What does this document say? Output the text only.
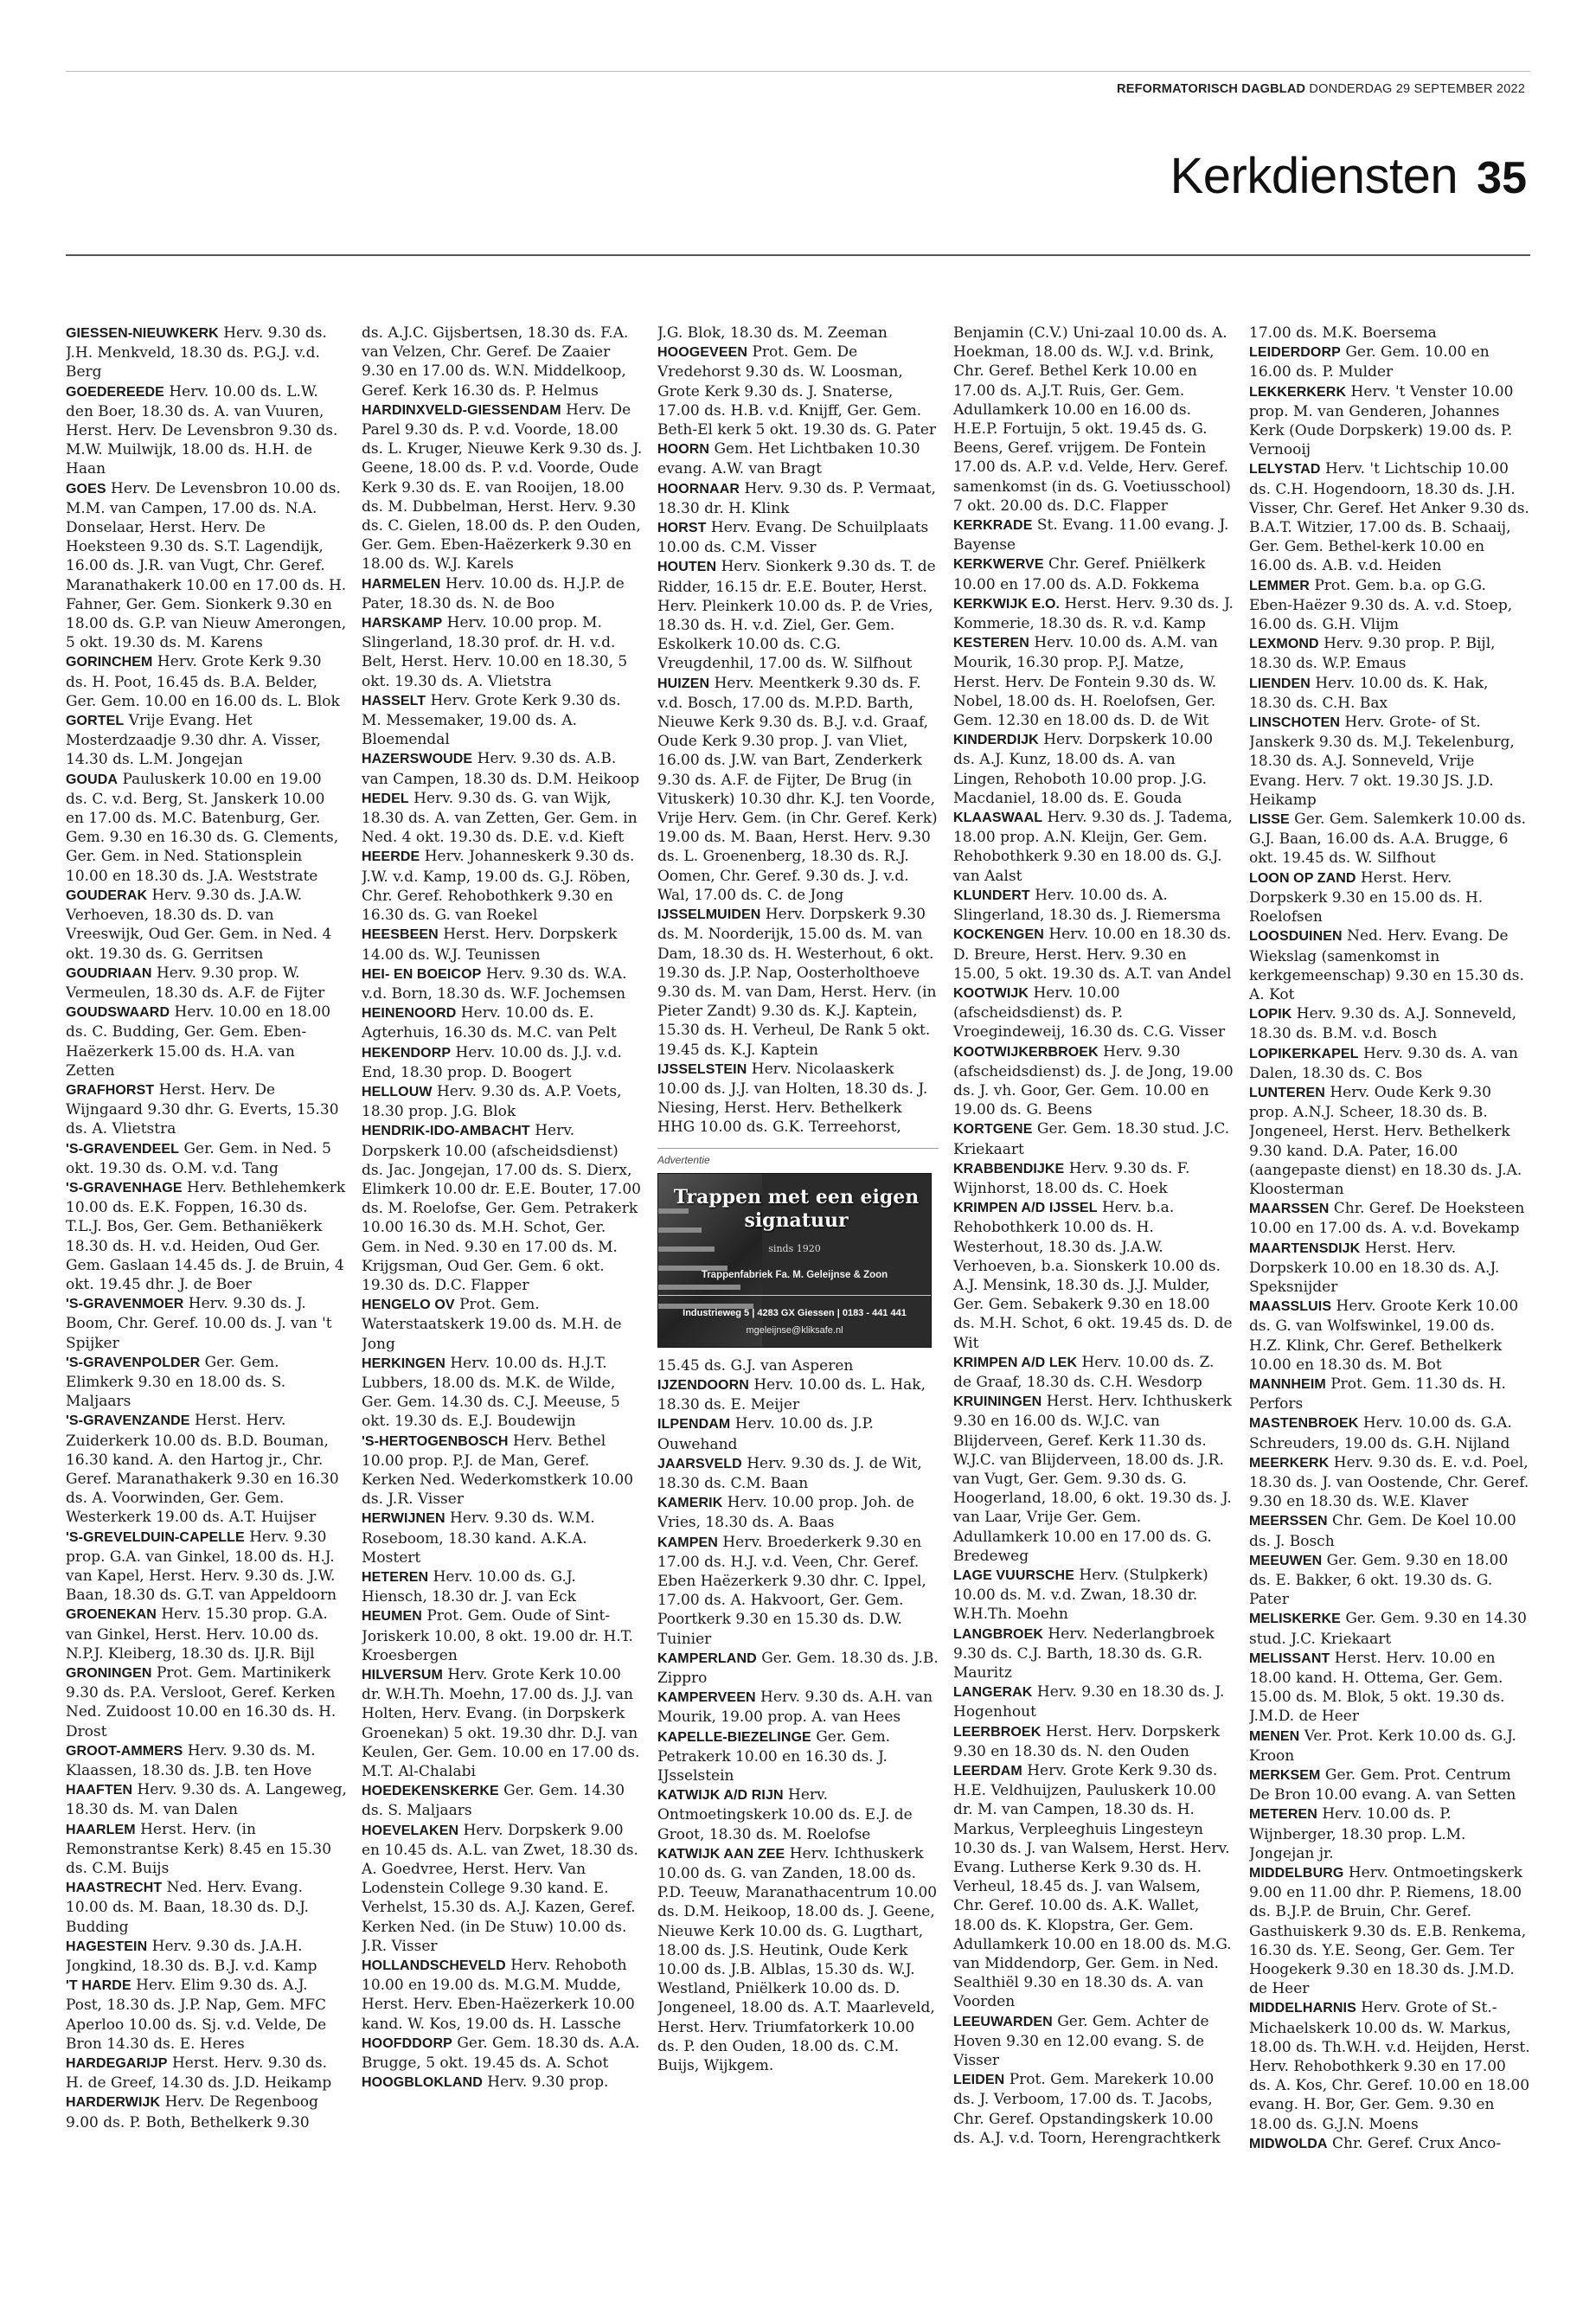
REFORMATORISCH DAGBLAD DONDERDAG 29 SEPTEMBER 2022
Kerkdiensten 35

GIESSEN-NIEUWKERK Herv. 9.30 ds. J.H. Menkveld, 18.30 ds. P.G.J. v.d. Berg

GOEDEREEDE Herv. 10.00 ds. L.W. den Boer, 18.30 ds. A. van Vuuren, Herst. Herv. De Levensbron 9.30 ds. M.W. Muilwijk, 18.00 ds. H.H. de Haan

GOES Herv. De Levensbron 10.00 ds. M.M. van Campen, 17.00 ds. N.A. Donselaar, Herst. Herv. De Hoeksteen 9.30 ds. S.T. Lagendijk, 16.00 ds. J.R. van Vugt, Chr. Geref. Maranathakerk 10.00 en 17.00 ds. H. Fahner, Ger. Gem. Sionkerk 9.30 en 18.00 ds. G.P. van Nieuw Amerongen, 5 okt. 19.30 ds. M. Karens

GORINCHEM Herv. Grote Kerk 9.30 ds. H. Poot, 16.45 ds. B.A. Belder, Ger. Gem. 10.00 en 16.00 ds. L. Blok

GORTEL Vrije Evang. Het Mosterdzaadje 9.30 dhr. A. Visser, 14.30 ds. L.M. Jongejan

GOUDA Pauluskerk 10.00 en 19.00 ds. C. v.d. Berg, St. Janskerk 10.00 en 17.00 ds. M.C. Batenburg, Ger. Gem. 9.30 en 16.30 ds. G. Clements, Ger. Gem. in Ned. Stationsplein 10.00 en 18.30 ds. J.A. Weststrate

GOUDERAK Herv. 9.30 ds. J.A.W. Verhoeven, 18.30 ds. D. van Vreeswijk, Oud Ger. Gem. in Ned. 4 okt. 19.30 ds. G. Gerritsen

GOUDRIAAN Herv. 9.30 prop. W. Vermeulen, 18.30 ds. A.F. de Fijter

GOUDSWAARD Herv. 10.00 en 18.00 ds. C. Budding, Ger. Gem. Eben-Haëzerkerk 15.00 ds. H.A. van Zetten

GRAFHORST Herst. Herv. De Wijngaard 9.30 dhr. G. Everts, 15.30 ds. A. Vlietstra

'S-GRAVENDEEL Ger. Gem. in Ned. 5 okt. 19.30 ds. O.M. v.d. Tang

'S-GRAVENHAGE Herv. Bethlehemkerk 10.00 ds. E.K. Foppen, 16.30 ds. T.L.J. Bos, Ger. Gem. Bethaniëkerk 18.30 ds. H. v.d. Heiden, Oud Ger. Gem. Gaslaan 14.45 ds. J. de Bruin, 4 okt. 19.45 dhr. J. de Boer

'S-GRAVENMOER Herv. 9.30 ds. J. Boom, Chr. Geref. 10.00 ds. J. van 't Spijker

'S-GRAVENPOLDER Ger. Gem. Elimkerk 9.30 en 18.00 ds. S. Maljaars

'S-GRAVENZANDE Herst. Herv. Zuiderkerk 10.00 ds. B.D. Bouman, 16.30 kand. A. den Hartog jr., Chr. Geref. Maranathakerk 9.30 en 16.30 ds. A. Voorwinden, Ger. Gem. Westerkerk 19.00 ds. A.T. Huijser

'S-GREVELDUIN-CAPELLE Herv. 9.30 prop. G.A. van Ginkel, 18.00 ds. H.J. van Kapel, Herst. Herv. 9.30 ds. J.W. Baan, 18.30 ds. G.T. van Appeldoorn

GROENEKAN Herv. 15.30 prop. G.A. van Ginkel, Herst. Herv. 10.00 ds. N.P.J. Kleiberg, 18.30 ds. IJ.R. Bijl

GRONINGEN Prot. Gem. Martinikerk 9.30 ds. P.A. Versloot, Geref. Kerken Ned. Zuidoost 10.00 en 16.30 ds. H. Drost

GROOT-AMMERS Herv. 9.30 ds. M. Klaassen, 18.30 ds. J.B. ten Hove

HAAFTEN Herv. 9.30 ds. A. Langeweg, 18.30 ds. M. van Dalen

HAARLEM Herst. Herv. (in Remonstrantse Kerk) 8.45 en 15.30 ds. C.M. Buijs

HAASTRECHT Ned. Herv. Evang. 10.00 ds. M. Baan, 18.30 ds. D.J. Budding

HAGESTEIN Herv. 9.30 ds. J.A.H. Jongkind, 18.30 ds. B.J. v.d. Kamp

'T HARDE Herv. Elim 9.30 ds. A.J. Post, 18.30 ds. J.P. Nap, Gem. MFC Aperloo 10.00 ds. Sj. v.d. Velde, De Bron 14.30 ds. E. Heres

HARDEGARIJP Herst. Herv. 9.30 ds. H. de Greef, 14.30 ds. J.D. Heikamp

HARDERWIJK Herv. De Regenboog 9.00 ds. P. Both, Bethelkerk 9.30

ds. A.J.C. Gijsbertsen, 18.30 ds. F.A. van Velzen, Chr. Geref. De Zaaier 9.30 en 17.00 ds. W.N. Middelkoop, Geref. Kerk 16.30 ds. P. Helmus

HARDINXVELD-GIESSENDAM Herv. De Parel 9.30 ds. P. v.d. Voorde, 18.00 ds. L. Kruger, Nieuwe Kerk 9.30 ds. J. Geene, 18.00 ds. P. v.d. Voorde, Oude Kerk 9.30 ds. E. van Rooijen, 18.00 ds. M. Dubbelman, Herst. Herv. 9.30 ds. C. Gielen, 18.00 ds. P. den Ouden, Ger. Gem. Eben-Haëzerkerk 9.30 en 18.00 ds. W.J. Karels

HARMELEN Herv. 10.00 ds. H.J.P. de Pater, 18.30 ds. N. de Boo

HARSKAMP Herv. 10.00 prop. M. Slingerland, 18.30 prof. dr. H. v.d. Belt, Herst. Herv. 10.00 en 18.30, 5 okt. 19.30 ds. A. Vlietstra

HASSELT Herv. Grote Kerk 9.30 ds. M. Messemaker, 19.00 ds. A. Bloemendal

HAZERSWOUDE Herv. 9.30 ds. A.B. van Campen, 18.30 ds. D.M. Heikoop

HEDEL Herv. 9.30 ds. G. van Wijk, 18.30 ds. A. van Zetten, Ger. Gem. in Ned. 4 okt. 19.30 ds. D.E. v.d. Kieft

HEERDE Herv. Johanneskerk 9.30 ds. J.W. v.d. Kamp, 19.00 ds. G.J. Röben, Chr. Geref. Rehobothkerk 9.30 en 16.30 ds. G. van Roekel

HEESBEEN Herst. Herv. Dorpskerk 14.00 ds. W.J. Teunissen

HEI- EN BOEICOP Herv. 9.30 ds. W.A. v.d. Born, 18.30 ds. W.F. Jochemsen

HEINENOORD Herv. 10.00 ds. E. Agterhuis, 16.30 ds. M.C. van Pelt

HEKENDORP Herv. 10.00 ds. J.J. v.d. End, 18.30 prop. D. Boogert

HELLOUW Herv. 9.30 ds. A.P. Voets, 18.30 prop. J.G. Blok

HENDRIK-IDO-AMBACHT Herv. Dorpskerk 10.00 (afscheidsdienst) ds. Jac. Jongejan, 17.00 ds. S. Dierx, Elimkerk 10.00 dr. E.E. Bouter, 17.00 ds. M. Roelofse, Ger. Gem. Petrakerk 10.00 16.30 ds. M.H. Schot, Ger. Gem. in Ned. 9.30 en 17.00 ds. M. Krijgsman, Oud Ger. Gem. 6 okt. 19.30 ds. D.C. Flapper

HENGELO OV Prot. Gem. Waterstaatskerk 19.00 ds. M.H. de Jong

HERKINGEN Herv. 10.00 ds. H.J.T. Lubbers, 18.00 ds. M.K. de Wilde, Ger. Gem. 14.30 ds. C.J. Meeuse, 5 okt. 19.30 ds. E.J. Boudewijn

'S-HERTOGENBOSCH Herv. Bethel 10.00 prop. P.J. de Man, Geref. Kerken Ned. Wederkomstkerk 10.00 ds. J.R. Visser

HERWIJNEN Herv. 9.30 ds. W.M. Roseboom, 18.30 kand. A.K.A. Mostert

HETEREN Herv. 10.00 ds. G.J. Hiensch, 18.30 dr. J. van Eck

HEUMEN Prot. Gem. Oude of Sint-Joriskerk 10.00, 8 okt. 19.00 dr. H.T. Kroesbergen

HILVERSUM Herv. Grote Kerk 10.00 dr. W.H.Th. Moehn, 17.00 ds. J.J. van Holten, Herv. Evang. (in Dorpskerk Groenekan) 5 okt. 19.30 dhr. D.J. van Keulen, Ger. Gem. 10.00 en 17.00 ds. M.T. Al-Chalabi

HOEDEKENSKERKE Ger. Gem. 14.30 ds. S. Maljaars

HOEVELAKEN Herv. Dorpskerk 9.00 en 10.45 ds. A.L. van Zwet, 18.30 ds. A. Goedvree, Herst. Herv. Van Lodenstein College 9.30 kand. E. Verhelst, 15.30 ds. A.J. Kazen, Geref. Kerken Ned. (in De Stuw) 10.00 ds. J.R. Visser

HOLLANDSCHEVELD Herv. Rehoboth 10.00 en 19.00 ds. M.G.M. Mudde, Herst. Herv. Eben-Haëzerkerk 10.00 kand. W. Kos, 19.00 ds. H. Lassche

HOOFDDORP Ger. Gem. 18.30 ds. A.A. Brugge, 5 okt. 19.45 ds. A. Schot

HOOGBLOKLAND Herv. 9.30 prop.

J.G. Blok, 18.30 ds. M. Zeeman

HOOGEVEEN Prot. Gem. De Vredehorst 9.30 ds. W. Loosman, Grote Kerk 9.30 ds. J. Snaterse, 17.00 ds. H.B. v.d. Knijff, Ger. Gem. Beth-El kerk 5 okt. 19.30 ds. G. Pater

HOORN Gem. Het Lichtbaken 10.30 evang. A.W. van Bragt

HOORNAAR Herv. 9.30 ds. P. Vermaat, 18.30 dr. H. Klink

HORST Herv. Evang. De Schuilplaats 10.00 ds. C.M. Visser

HOUTEN Herv. Sionkerk 9.30 ds. T. de Ridder, 16.15 dr. E.E. Bouter, Herst. Herv. Pleinkerk 10.00 ds. P. de Vries, 18.30 ds. H. v.d. Ziel, Ger. Gem. Eskolkerk 10.00 ds. C.G. Vreugdenhil, 17.00 ds. W. Silfhout

HUIZEN Herv. Meentkerk 9.30 ds. F. v.d. Bosch, 17.00 ds. M.P.D. Barth, Nieuwe Kerk 9.30 ds. B.J. v.d. Graaf, Oude Kerk 9.30 prop. J. van Vliet, 16.00 ds. J.W. van Bart, Zenderkerk 9.30 ds. A.F. de Fijter, De Brug (in Vituskerk) 10.30 dhr. K.J. ten Voorde, Vrije Herv. Gem. (in Chr. Geref. Kerk) 19.00 ds. M. Baan, Herst. Herv. 9.30 ds. L. Groenenberg, 18.30 ds. R.J. Oomen, Chr. Geref. 9.30 ds. J. v.d. Wal, 17.00 ds. C. de Jong

IJSSELMUIDEN Herv. Dorpskerk 9.30 ds. M. Noorderijk, 15.00 ds. M. van Dam, 18.30 ds. H. Westerhout, 6 okt. 19.30 ds. J.P. Nap, Oosterholthoeve 9.30 ds. M. van Dam, Herst. Herv. (in Pieter Zandt) 9.30 ds. K.J. Kaptein, 15.30 ds. H. Verheul, De Rank 5 okt. 19.45 ds. K.J. Kaptein

IJSSELSTEIN Herv. Nicolaaskerk 10.00 ds. J.J. van Holten, 18.30 ds. J. Niesing, Herst. Herv. Bethelkerk HHG 10.00 ds. G.K. Terreehorst,

Advertentie
Trappen met een eigen signatuur
sinds 1920
Trappenfabriek Fa. M. Geleijnse & Zoon
Industrieweg 5 | 4283 GX Giessen | 0183 - 441 441
mgeleijnse@kliksafe.nl

15.45 ds. G.J. van Asperen

IJZENDOORN Herv. 10.00 ds. L. Hak, 18.30 ds. E. Meijer

ILPENDAM Herv. 10.00 ds. J.P. Ouwehand

JAARSVELD Herv. 9.30 ds. J. de Wit, 18.30 ds. C.M. Baan

KAMERIK Herv. 10.00 prop. Joh. de Vries, 18.30 ds. A. Baas

KAMPEN Herv. Broederkerk 9.30 en 17.00 ds. H.J. v.d. Veen, Chr. Geref. Eben Haëzerkerk 9.30 dhr. C. Ippel, 17.00 ds. A. Hakvoort, Ger. Gem. Poortkerk 9.30 en 15.30 ds. D.W. Tuinier

KAMPERLAND Ger. Gem. 18.30 ds. J.B. Zippro

KAMPERVEEN Herv. 9.30 ds. A.H. van Mourik, 19.00 prop. A. van Hees

KAPELLE-BIEZELINGE Ger. Gem. Petrakerk 10.00 en 16.30 ds. J. IJsselstein

KATWIJK A/D RIJN Herv. Ontmoetingskerk 10.00 ds. E.J. de Groot, 18.30 ds. M. Roelofse

KATWIJK AAN ZEE Herv. Ichthuskerk 10.00 ds. G. van Zanden, 18.00 ds. P.D. Teeuw, Maranathacentrum 10.00 ds. D.M. Heikoop, 18.00 ds. J. Geene, Nieuwe Kerk 10.00 ds. G. Lugthart, 18.00 ds. J.S. Heutink, Oude Kerk 10.00 ds. J.B. Alblas, 15.30 ds. W.J. Westland, Pniëlkerk 10.00 ds. D. Jongeneel, 18.00 ds. A.T. Maarleveld, Herst. Herv. Triumfatorkerk 10.00 ds. P. den Ouden, 18.00 ds. C.M. Buijs, Wijkgem.

Benjamin (C.V.) Uni-zaal 10.00 ds. A. Hoekman, 18.00 ds. W.J. v.d. Brink, Chr. Geref. Bethel Kerk 10.00 en 17.00 ds. A.J.T. Ruis, Ger. Gem. Adullamkerk 10.00 en 16.00 ds. H.E.P. Fortuijn, 5 okt. 19.45 ds. G. Beens, Geref. vrijgem. De Fontein 17.00 ds. A.P. v.d. Velde, Herv. Geref. samenkomst (in ds. G. Voetiusschool) 7 okt. 20.00 ds. D.C. Flapper

KERKRADE St. Evang. 11.00 evang. J. Bayense

KERKWERVE Chr. Geref. Pniëlkerk 10.00 en 17.00 ds. A.D. Fokkema

KERKWIJK E.O. Herst. Herv. 9.30 ds. J. Kommerie, 18.30 ds. R. v.d. Kamp

KESTEREN Herv. 10.00 ds. A.M. van Mourik, 16.30 prop. P.J. Matze, Herst. Herv. De Fontein 9.30 ds. W. Nobel, 18.00 ds. H. Roelofsen, Ger. Gem. 12.30 en 18.00 ds. D. de Wit

KINDERDIJK Herv. Dorpskerk 10.00 ds. A.J. Kunz, 18.00 ds. A. van Lingen, Rehoboth 10.00 prop. J.G. Macdaniel, 18.00 ds. E. Gouda

KLAASWAAL Herv. 9.30 ds. J. Tadema, 18.00 prop. A.N. Kleijn, Ger. Gem. Rehobothkerk 9.30 en 18.00 ds. G.J. van Aalst

KLUNDERT Herv. 10.00 ds. A. Slingerland, 18.30 ds. J. Riemersma

KOCKENGEN Herv. 10.00 en 18.30 ds. D. Breure, Herst. Herv. 9.30 en 15.00, 5 okt. 19.30 ds. A.T. van Andel

KOOTWIJK Herv. 10.00 (afscheidsdienst) ds. P. Vroegindeweij, 16.30 ds. C.G. Visser

KOOTWIJKERBROEK Herv. 9.30 (afscheidsdienst) ds. J. de Jong, 19.00 ds. J. vh. Goor, Ger. Gem. 10.00 en 19.00 ds. G. Beens

KORTGENE Ger. Gem. 18.30 stud. J.C. Kriekaart

KRABBENDIJKE Herv. 9.30 ds. F. Wijnhorst, 18.00 ds. C. Hoek

KRIMPEN A/D IJSSEL Herv. b.a. Rehobothkerk 10.00 ds. H. Westerhout, 18.30 ds. J.A.W. Verhoeven, b.a. Sionskerk 10.00 ds. A.J. Mensink, 18.30 ds. J.J. Mulder, Ger. Gem. Sebakerk 9.30 en 18.00 ds. M.H. Schot, 6 okt. 19.45 ds. D. de Wit

KRIMPEN A/D LEK Herv. 10.00 ds. Z. de Graaf, 18.30 ds. C.H. Wesdorp

KRUININGEN Herst. Herv. Ichthuskerk 9.30 en 16.00 ds. W.J.C. van Blijderveen, Geref. Kerk 11.30 ds. W.J.C. van Blijderveen, 18.00 ds. J.R. van Vugt, Ger. Gem. 9.30 ds. G. Hoogerland, 18.00, 6 okt. 19.30 ds. J. van Laar, Vrije Ger. Gem. Adullamkerk 10.00 en 17.00 ds. G. Bredeweg

LAGE VUURSCHE Herv. (Stulpkerk) 10.00 ds. M. v.d. Zwan, 18.30 dr. W.H.Th. Moehn

LANGBROEK Herv. Nederlangbroek 9.30 ds. C.J. Barth, 18.30 ds. G.R. Mauritz

LANGERAK Herv. 9.30 en 18.30 ds. J. Hogenhout

LEERBROEK Herst. Herv. Dorpskerk 9.30 en 18.30 ds. N. den Ouden

LEERDAM Herv. Grote Kerk 9.30 ds. H.E. Veldhuijzen, Pauluskerk 10.00 dr. M. van Campen, 18.30 ds. H. Markus, Verpleeghuis Lingesteyn 10.30 ds. J. van Walsem, Herst. Herv. Evang. Lutherse Kerk 9.30 ds. H. Verheul, 18.45 ds. J. van Walsem, Chr. Geref. 10.00 ds. A.K. Wallet, 18.00 ds. K. Klopstra, Ger. Gem. Adullamkerk 10.00 en 18.00 ds. M.G. van Middendorp, Ger. Gem. in Ned. Sealthiël 9.30 en 18.30 ds. A. van Voorden

LEEUWARDEN Ger. Gem. Achter de Hoven 9.30 en 12.00 evang. S. de Visser

LEIDEN Prot. Gem. Marekerk 10.00 ds. J. Verboom, 17.00 ds. T. Jacobs, Chr. Geref. Opstandingskerk 10.00 ds. A.J. v.d. Toorn, Herengrachtkerk

17.00 ds. M.K. Boersema

LEIDERDORP Ger. Gem. 10.00 en 16.00 ds. P. Mulder

LEKKERKERK Herv. 't Venster 10.00 prop. M. van Genderen, Johannes Kerk (Oude Dorpskerk) 19.00 ds. P. Vernooij

LELYSTAD Herv. 't Lichtschip 10.00 ds. C.H. Hogendoorn, 18.30 ds. J.H. Visser, Chr. Geref. Het Anker 9.30 ds. B.A.T. Witzier, 17.00 ds. B. Schaaij, Ger. Gem. Bethel-kerk 10.00 en 16.00 ds. A.B. v.d. Heiden

LEMMER Prot. Gem. b.a. op G.G. Eben-Haëzer 9.30 ds. A. v.d. Stoep, 16.00 ds. G.H. Vlijm

LEXMOND Herv. 9.30 prop. P. Bijl, 18.30 ds. W.P. Emaus

LIENDEN Herv. 10.00 ds. K. Hak, 18.30 ds. C.H. Bax

LINSCHOTEN Herv. Grote- of St. Janskerk 9.30 ds. M.J. Tekelenburg, 18.30 ds. A.J. Sonneveld, Vrije Evang. Herv. 7 okt. 19.30 JS. J.D. Heikamp

LISSE Ger. Gem. Salemkerk 10.00 ds. G.J. Baan, 16.00 ds. A.A. Brugge, 6 okt. 19.45 ds. W. Silfhout

LOON OP ZAND Herst. Herv. Dorpskerk 9.30 en 15.00 ds. H. Roelofsen

LOOSDUINEN Ned. Herv. Evang. De Wiekslag (samenkomst in kerkgemeenschap) 9.30 en 15.30 ds. A. Kot

LOPIK Herv. 9.30 ds. A.J. Sonneveld, 18.30 ds. B.M. v.d. Bosch

LOPIKERKAPEL Herv. 9.30 ds. A. van Dalen, 18.30 ds. C. Bos

LUNTEREN Herv. Oude Kerk 9.30 prop. A.N.J. Scheer, 18.30 ds. B. Jongeneel, Herst. Herv. Bethelkerk 9.30 kand. D.A. Pater, 16.00 (aangepaste dienst) en 18.30 ds. J.A. Kloosterman

MAARSSEN Chr. Geref. De Hoeksteen 10.00 en 17.00 ds. A. v.d. Bovekamp

MAARTENSDIJK Herst. Herv. Dorpskerk 10.00 en 18.30 ds. A.J. Speksnijder

MAASSLUIS Herv. Groote Kerk 10.00 ds. G. van Wolfswinkel, 19.00 ds. H.Z. Klink, Chr. Geref. Bethelkerk 10.00 en 18.30 ds. M. Bot

MANNHEIM Prot. Gem. 11.30 ds. H. Perfors

MASTENBROEK Herv. 10.00 ds. G.A. Schreuders, 19.00 ds. G.H. Nijland

MEERKERK Herv. 9.30 ds. E. v.d. Poel, 18.30 ds. J. van Oostende, Chr. Geref. 9.30 en 18.30 ds. W.E. Klaver

MEERSSEN Chr. Gem. De Koel 10.00 ds. J. Bosch

MEEUWEN Ger. Gem. 9.30 en 18.00 ds. E. Bakker, 6 okt. 19.30 ds. G. Pater

MELISKERKE Ger. Gem. 9.30 en 14.30 stud. J.C. Kriekaart

MELISSANT Herst. Herv. 10.00 en 18.00 kand. H. Ottema, Ger. Gem. 15.00 ds. M. Blok, 5 okt. 19.30 ds. J.M.D. de Heer

MENEN Ver. Prot. Kerk 10.00 ds. G.J. Kroon

MERKSEM Ger. Gem. Prot. Centrum De Bron 10.00 evang. A. van Setten

METEREN Herv. 10.00 ds. P. Wijnberger, 18.30 prop. L.M. Jongejan jr.

MIDDELBURG Herv. Ontmoetingskerk 9.00 en 11.00 dhr. P. Riemens, 18.00 ds. B.J.P. de Bruin, Chr. Geref. Gasthuiskerk 9.30 ds. E.B. Renkema, 16.30 ds. Y.E. Seong, Ger. Gem. Ter Hoogekerk 9.30 en 18.30 ds. J.M.D. de Heer

MIDDELHARNIS Herv. Grote of St.-Michaelskerk 10.00 ds. W. Markus, 18.00 ds. Th.W.H. v.d. Heijden, Herst. Herv. Rehobothkerk 9.30 en 17.00 ds. A. Kos, Chr. Geref. 10.00 en 18.00 evang. H. Bor, Ger. Gem. 9.30 en 18.00 ds. G.J.N. Moens

MIDWOLDA Chr. Geref. Crux Anco-
